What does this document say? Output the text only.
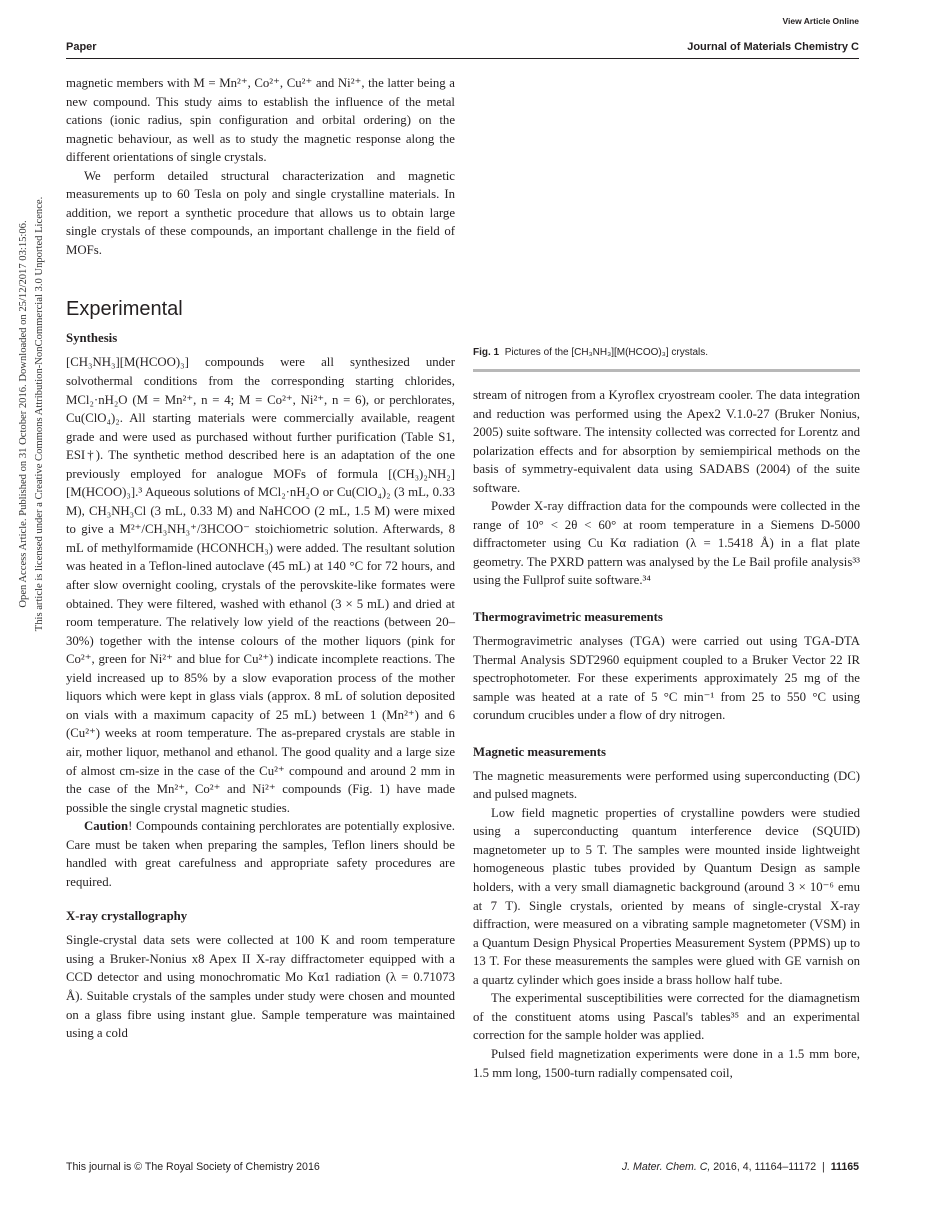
View Article Online
Paper	Journal of Materials Chemistry C
Open Access Article. Published on 31 October 2016. Downloaded on 25/12/2017 03:15:06. This article is licensed under a Creative Commons Attribution-NonCommercial 3.0 Unported Licence.

magnetic members with M = Mn²⁺, Co²⁺, Cu²⁺ and Ni²⁺, the latter being a new compound. This study aims to establish the influence of the metal cations (ionic radius, spin configuration and orbital ordering) on the magnetic behaviour, as well as to study the magnetic response along the different orientations of single crystals.

We perform detailed structural characterization and magnetic measurements up to 60 Tesla on poly and single crystalline materials. In addition, we report a synthetic procedure that allows us to obtain large single crystals of these compounds, an important challenge in the field of MOFs.

Experimental
Synthesis

[CH₃NH₃][M(HCOO)₃] compounds were all synthesized under solvothermal conditions from the corresponding starting chlorides, MCl₂·nH₂O (M = Mn²⁺, n = 4; M = Co²⁺, Ni²⁺, n = 6), or perchlorates, Cu(ClO₄)₂. All starting materials were commercially available, reagent grade and were used as purchased without further purification (Table S1, ESI†). The synthetic method described here is an adaptation of the one previously employed for analogue MOFs of formula [(CH₃)₂NH₂][M(HCOO)₃].³ Aqueous solutions of MCl₂·nH₂O or Cu(ClO₄)₂ (3 mL, 0.33 M), CH₃NH₃Cl (3 mL, 0.33 M) and NaHCOO (2 mL, 1.5 M) were mixed to give a M²⁺/CH₃NH₃⁺/3HCOO⁻ stoichiometric solution. Afterwards, 8 mL of methylformamide (HCONHCH₃) were added. The resultant solution was heated in a Teflon-lined autoclave (45 mL) at 140 °C for 72 hours, and after slow overnight cooling, crystals of the perovskite-like formates were obtained. They were filtered, washed with ethanol (3 × 5 mL) and dried at room temperature. The relatively low yield of the reactions (between 20–30%) together with the intense colours of the mother liquors (pink for Co²⁺, green for Ni²⁺ and blue for Cu²⁺) indicate incomplete reactions. The yield increased up to 85% by a slow evaporation process of the mother liquors which were kept in glass vials (approx. 8 mL of solution deposited on vials with a maximum capacity of 25 mL) between 1 (Mn²⁺) and 6 (Cu²⁺) weeks at room temperature. The as-prepared crystals are stable in air, mother liquor, methanol and ethanol. The good quality and a large size of almost cm-size in the case of the Cu²⁺ compound and around 2 mm in the case of the Mn²⁺, Co²⁺ and Ni²⁺ compounds (Fig. 1) have made possible the single crystal magnetic studies.

Caution! Compounds containing perchlorates are potentially explosive. Care must be taken when preparing the samples, Teflon liners should be handled with great carefulness and appropriate safety procedures are required.

X-ray crystallography

Single-crystal data sets were collected at 100 K and room temperature using a Bruker-Nonius x8 Apex II X-ray diffractometer equipped with a CCD detector and using monochromatic Mo Kα1 radiation (λ = 0.71073 Å). Suitable crystals of the samples under study were chosen and mounted on a glass fibre using instant glue. Sample temperature was maintained using a cold

Fig. 1 Pictures of the [CH₃NH₃][M(HCOO)₃] crystals.

stream of nitrogen from a Kyroflex cryostream cooler. The data integration and reduction was performed using the Apex2 V.1.0-27 (Bruker Nonius, 2005) suite software. The intensity collected was corrected for Lorentz and polarization effects and for absorption by semiempirical methods on the basis of symmetry-equivalent data using SADABS (2004) of the suite software.

Powder X-ray diffraction data for the compounds were collected in the range of 10° < 2θ < 60° at room temperature in a Siemens D-5000 diffractometer using Cu Kα radiation (λ = 1.5418 Å) in a flat plate geometry. The PXRD pattern was analysed by the Le Bail profile analysis³³ using the Fullprof suite software.³⁴

Thermogravimetric measurements

Thermogravimetric analyses (TGA) were carried out using TGA-DTA Thermal Analysis SDT2960 equipment coupled to a Bruker Vector 22 IR spectrophotometer. For these experiments approximately 25 mg of the sample was heated at a rate of 5 °C min⁻¹ from 25 to 550 °C using corundum crucibles under a flow of dry nitrogen.

Magnetic measurements

The magnetic measurements were performed using superconducting (DC) and pulsed magnets.

Low field magnetic properties of crystalline powders were studied using a superconducting quantum interference device (SQUID) magnetometer up to 5 T. The samples were mounted inside lightweight homogeneous plastic tubes provided by Quantum Design as sample holders, with a very small diamagnetic background (around 3 × 10⁻⁶ emu at 7 T). Single crystals, oriented by means of single-crystal X-ray diffraction, were measured on a vibrating sample magnetometer (VSM) in a Quantum Design Physical Properties Measurement System (PPMS) up to 13 T. For these measurements the samples were glued with GE varnish on a quartz cylinder which goes inside a brass hollow half tube.

The experimental susceptibilities were corrected for the diamagnetism of the constituent atoms using Pascal's tables³⁵ and an experimental correction for the sample holder was applied.

Pulsed field magnetization experiments were done in a 1.5 mm bore, 1.5 mm long, 1500-turn radially compensated coil,

This journal is © The Royal Society of Chemistry 2016	J. Mater. Chem. C, 2016, 4, 11164–11172 | 11165
